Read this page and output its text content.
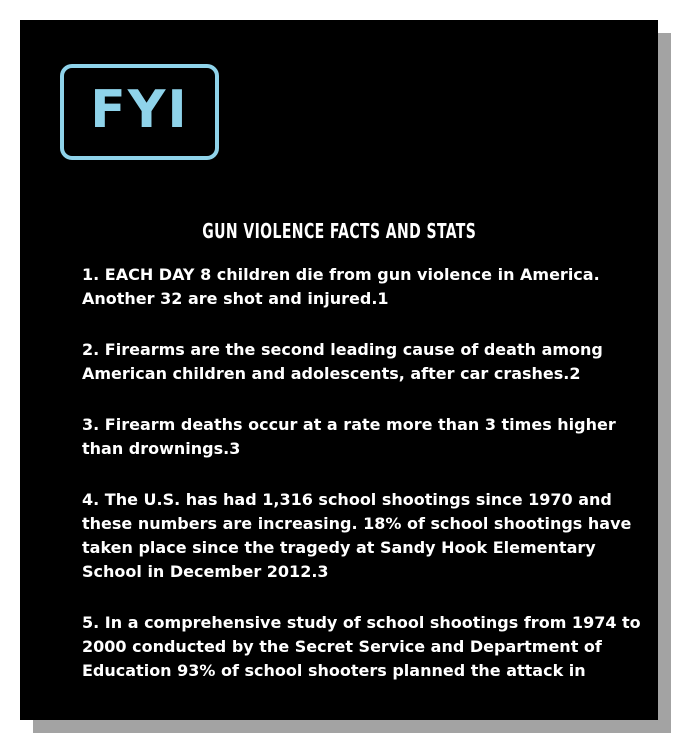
FYI
GUN VIOLENCE FACTS AND STATS

1. EACH DAY 8 children die from gun violence in America. Another 32 are shot and injured.1

2. Firearms are the second leading cause of death among American children and adolescents, after car crashes.2

3. Firearm deaths occur at a rate more than 3 times higher than drownings.3

4. The U.S. has had 1,316 school shootings since 1970 and these numbers are increasing. 18% of school shootings have taken place since the tragedy at Sandy Hook Elementary School in December 2012.3

5. In a comprehensive study of school shootings from 1974 to 2000 conducted by the Secret Service and Department of Education 93% of school shooters planned the attack in
